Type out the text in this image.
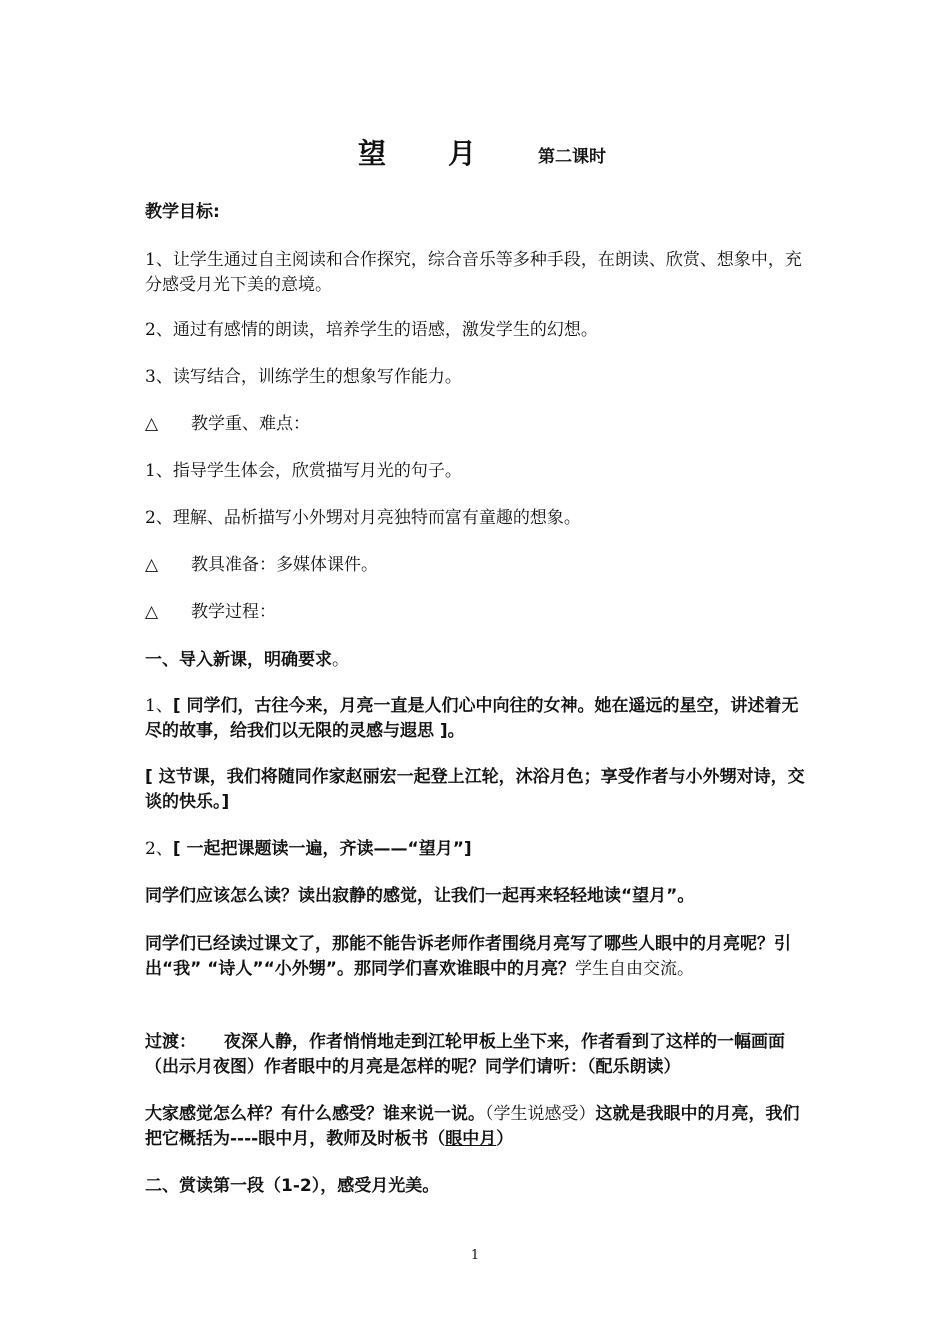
望月 第二课时
教学目标:
1、让学生通过自主阅读和合作探究，综合音乐等多种手段，在朗读、欣赏、想象中，充分感受月光下美的意境。
2、通过有感情的朗读，培养学生的语感，激发学生的幻想。
3、读写结合，训练学生的想象写作能力。
△ 教学重、难点：
1、指导学生体会，欣赏描写月光的句子。
2、理解、品析描写小外甥对月亮独特而富有童趣的想象。
△ 教具准备：多媒体课件。
△ 教学过程：
一、导入新课，明确要求。
1、[ 同学们，古往今来，月亮一直是人们心中向往的女神。她在遥远的星空，讲述着无尽的故事，给我们以无限的灵感与遐思 ]。
[ 这节课，我们将随同作家赵丽宏一起登上江轮，沐浴月色；享受作者与小外甥对诗，交谈的快乐。]
2、[ 一起把课题读一遍，齐读——“望月”]
同学们应该怎么读？读出寂静的感觉，让我们一起再来轻轻地读“望月”。
同学们已经读过课文了，那能不能告诉老师作者围绕月亮写了哪些人眼中的月亮呢？引出“我” “诗人”“小外甥”。那同学们喜欢谁眼中的月亮？学生自由交流。
过渡： 夜深人静，作者悄悄地走到江轮甲板上坐下来，作者看到了这样的一幅画面（出示月夜图）作者眼中的月亮是怎样的呢？同学们请听：（配乐朗读）
大家感觉怎么样？有什么感受？谁来说一说。（学生说感受）这就是我眼中的月亮，我们把它概括为----眼中月，教师及时板书（眼中月）
二、赏读第一段（1-2），感受月光美。
1
